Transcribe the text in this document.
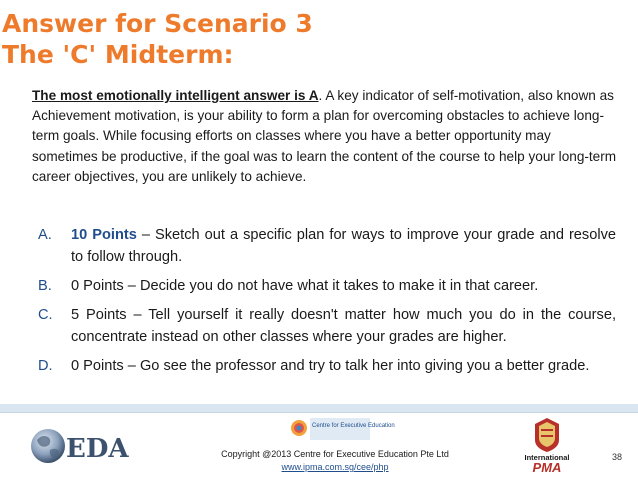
Answer for Scenario 3
The 'C' Midterm:
The most emotionally intelligent answer is A. A key indicator of self-motivation, also known as Achievement motivation, is your ability to form a plan for overcoming obstacles to achieve long-term goals. While focusing efforts on classes where you have a better opportunity may sometimes be productive, if the goal was to learn the content of the course to help your long-term career objectives, you are unlikely to achieve.
A. 10 Points – Sketch out a specific plan for ways to improve your grade and resolve to follow through.
B. 0 Points – Decide you do not have what it takes to make it in that career.
C. 5 Points – Tell yourself it really doesn't matter how much you do in the course, concentrate instead on other classes where your grades are higher.
D. 0 Points – Go see the professor and try to talk her into giving you a better grade.
EDA
Centre for Executive Education
International
PMA
Copyright @2013 Centre for Executive Education Pte Ltd
www.ipma.com.sg/cee/php
38
